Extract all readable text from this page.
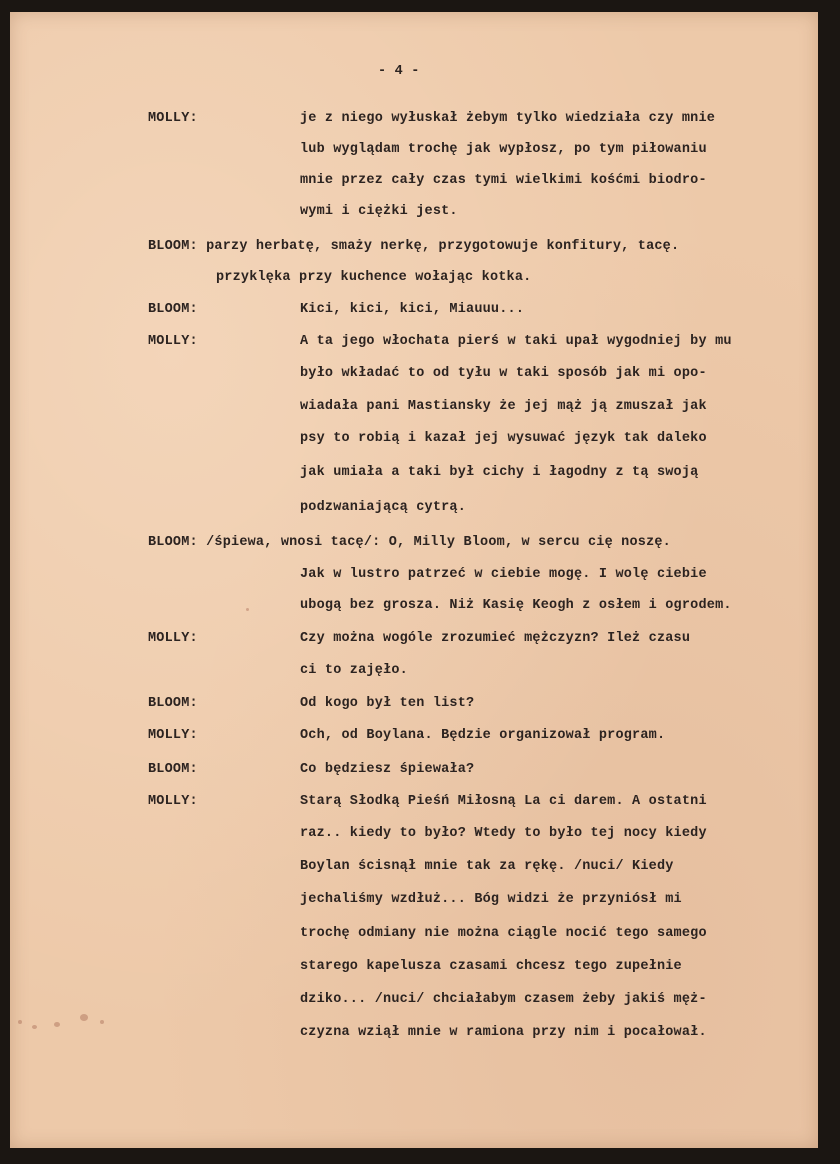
- 4 -
MOLLY:	je z niego wyłuskał żebym tylko wiedziała czy mnie
lub wyglądam trochę jak wypłosz, po tym piłowaniu
mnie przez cały czas tymi wielkimi kośćmi biodro-
wymi i ciężki jest.
BLOOM: parzy herbatę, smaży nerkę, przygotowuje konfitury, tacę.
przyklęka przy kuchence wołając kotka.
BLOOM:	Kici, kici, kici, Miauuu...
MOLLY:	A ta jego włochata pierś w taki upał wygodniej by mu
było wkładać to od tyłu w taki sposób jak mi opo-
wiadała pani Mastiansky że jej mąż ją zmuszał jak
psy to robią i kazał jej wysuwać język tak daleko
jak umiała a taki był cichy i łagodny z tą swoją
podzwaniającą cytrą.
BLOOM: /śpiewa, wnosi tacę/: O, Milly Bloom, w sercu cię noszę.
Jak w lustro patrzeć w ciebie mogę. I wolę ciebie
ubogą bez grosza. Niż Kasię Keogh z osłem i ogrodem.
MOLLY:	Czy można wogóle zrozumieć mężczyzn? Ileż czasu
ci to zajęło.
BLOOM:	Od kogo był ten list?
MOLLY:	Och, od Boylana. Będzie organizował program.
BLOOM:	Co będziesz śpiewała?
MOLLY:	Starą Słodką Pieśń Miłosną La ci darem. A ostatni
raz.. kiedy to było? Wtedy to było tej nocy kiedy
Boylan ścisnął mnie tak za rękę. /nuci/ Kiedy
jechaliśmy wzdłuż... Bóg widzi że przyniósł mi
trochę odmiany nie można ciągle nocić tego samego
starego kapelusza czasami chcesz tego zupełnie
dziko... /nuci/ chciałabym czasem żeby jakiś męż-
czyzna wziął mnie w ramiona przy nim i pocałował.
